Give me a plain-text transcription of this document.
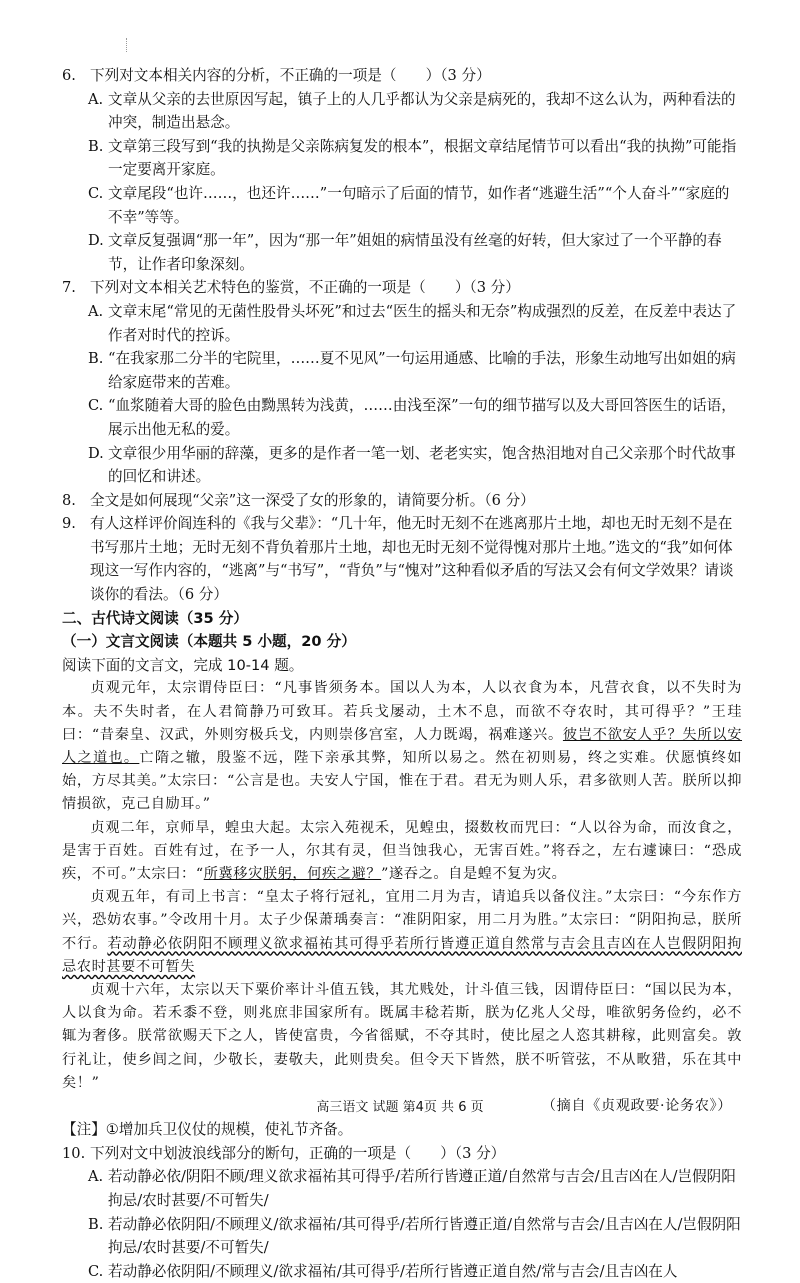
6. 下列对文本相关内容的分析，不正确的一项是（　　）（3 分）
A. 文章从父亲的去世原因写起，镇子上的人几乎都认为父亲是病死的，我却不这么认为，两种看法的冲突，制造出悬念。
B. 文章第三段写到“我的执拗是父亲陈病复发的根本”，根据文章结尾情节可以看出“我的执拗”可能指一定要离开家庭。
C. 文章尾段“也许……，也还许……”一句暗示了后面的情节，如作者“逃避生活”“个人奋斗”“家庭的不幸”等等。
D. 文章反复强调“那一年”，因为“那一年”姐姐的病情虽没有丝毫的好转，但大家过了一个平静的春节，让作者印象深刻。
7. 下列对文本相关艺术特色的鉴赏，不正确的一项是（　　）（3 分）
A. 文章末尾“常见的无菌性股骨头坏死”和过去“医生的摇头和无奈”构成强烈的反差，在反差中表达了作者对时代的控诉。
B. “在我家那二分半的宅院里，……夏不见风”一句运用通感、比喻的手法，形象生动地写出如姐的病给家庭带来的苦难。
C. “血浆随着大哥的脸色由黝黑转为浅黄，……由浅至深”一句的细节描写以及大哥回答医生的话语，展示出他无私的爱。
D. 文章很少用华丽的辞藻，更多的是作者一笔一划、老老实实，饱含热泪地对自己父亲那个时代故事的回忆和讲述。
8. 全文是如何展现“父亲”这一深受了女的形象的，请简要分析。（6 分）
9. 有人这样评价阎连科的《我与父辈》：“几十年，他无时无刻不在逃离那片土地，却也无时无刻不是在书写那片土地；无时无刻不背负着那片土地，却也无时无刻不觉得愧对那片土地。”选文的“我”如何体现这一写作内容的，“逃离”与“书写”，“背负”与“愧对”这种看似矛盾的写法又会有何文学效果？请谈谈你的看法。（6 分）
二、古代诗文阅读（35 分）
（一）文言文阅读（本题共 5 小题，20 分）
阅读下面的文言文，完成 10-14 题。

贞观元年，太宗谓侍臣曰：“凡事皆须务本。国以人为本，人以衣食为本，凡营衣食，以不失时为本。夫不失时者，在人君简静乃可致耳。若兵戈屡动，土木不息，而欲不夺农时，其可得乎？”王珪曰：“昔秦皇、汉武，外则穷极兵戈，内则崇侈宫室，人力既竭，祸难遂兴。彼岂不欲安人乎？失所以安人之道也。亡隋之辙，殷鉴不远，陛下亲承其弊，知所以易之。然在初则易，终之实难。伏愿慎终如始，方尽其美。”太宗曰：“公言是也。夫安人宁国，惟在于君。君无为则人乐，君多欲则人苦。朕所以抑情损欲，克己自励耳。”

贞观二年，京师旱，蝗虫大起。太宗入苑视禾，见蝗虫，掇数枚而咒曰：“人以谷为命，而汝食之，是害于百姓。百姓有过，在予一人，尔其有灵，但当蚀我心，无害百姓。”将吞之，左右遽谏曰：“恐成疾，不可。”太宗曰：“所冀移灾朕躬，何疾之避？”遂吞之。自是蝗不复为灾。

贞观五年，有司上书言：“皇太子将行冠礼，宜用二月为吉，请追兵以备仪注。”太宗曰：“今东作方兴，恐妨农事。”令改用十月。太子少保萧瑀奏言：“准阴阳家，用二月为胜。”太宗曰：“阴阳拘忌，朕所不行。若动静必依阴阳不顾理义欲求福祐其可得乎若所行皆遵正道自然常与吉会且吉凶在人岂假阴阳拘忌农时甚要不可暂失

贞观十六年，太宗以天下粟价率计斗值五钱，其尤贱处，计斗值三钱，因谓侍臣曰：“国以民为本，人以食为命。若禾黍不登，则兆庶非国家所有。既属丰稔若斯，朕为亿兆人父母，唯欲躬务俭约，必不辄为奢侈。朕常欲赐天下之人，皆使富贵，今省徭赋，不夺其时，使比屋之人恣其耕稼，此则富矣。敦行礼让，使乡闾之间，少敬长，妻敬夫，此则贵矣。但令天下皆然，朕不听管弦，不从畋猎，乐在其中矣！”

（摘自《贞观政要·论务农》）
【注】①增加兵卫仪仗的规模，使礼节齐备。
10. 下列对文中划波浪线部分的断句，正确的一项是（　　）（3 分）
A. 若动静必依/阴阳不顾/理义欲求福祐其可得乎/若所行皆遵正道/自然常与吉会/且吉凶在人/岂假阴阳拘忌/农时甚要/不可暂失/
B. 若动静必依阴阳/不顾理义/欲求福祐/其可得乎/若所行皆遵正道/自然常与吉会/且吉凶在人/岂假阴阳拘忌/农时甚要/不可暂失/
C. 若动静必依阴阳/不顾理义/欲求福祐/其可得乎/若所行皆遵正道自然/常与吉会/且吉凶在人
高三语文 试题 第4页 共 6 页
